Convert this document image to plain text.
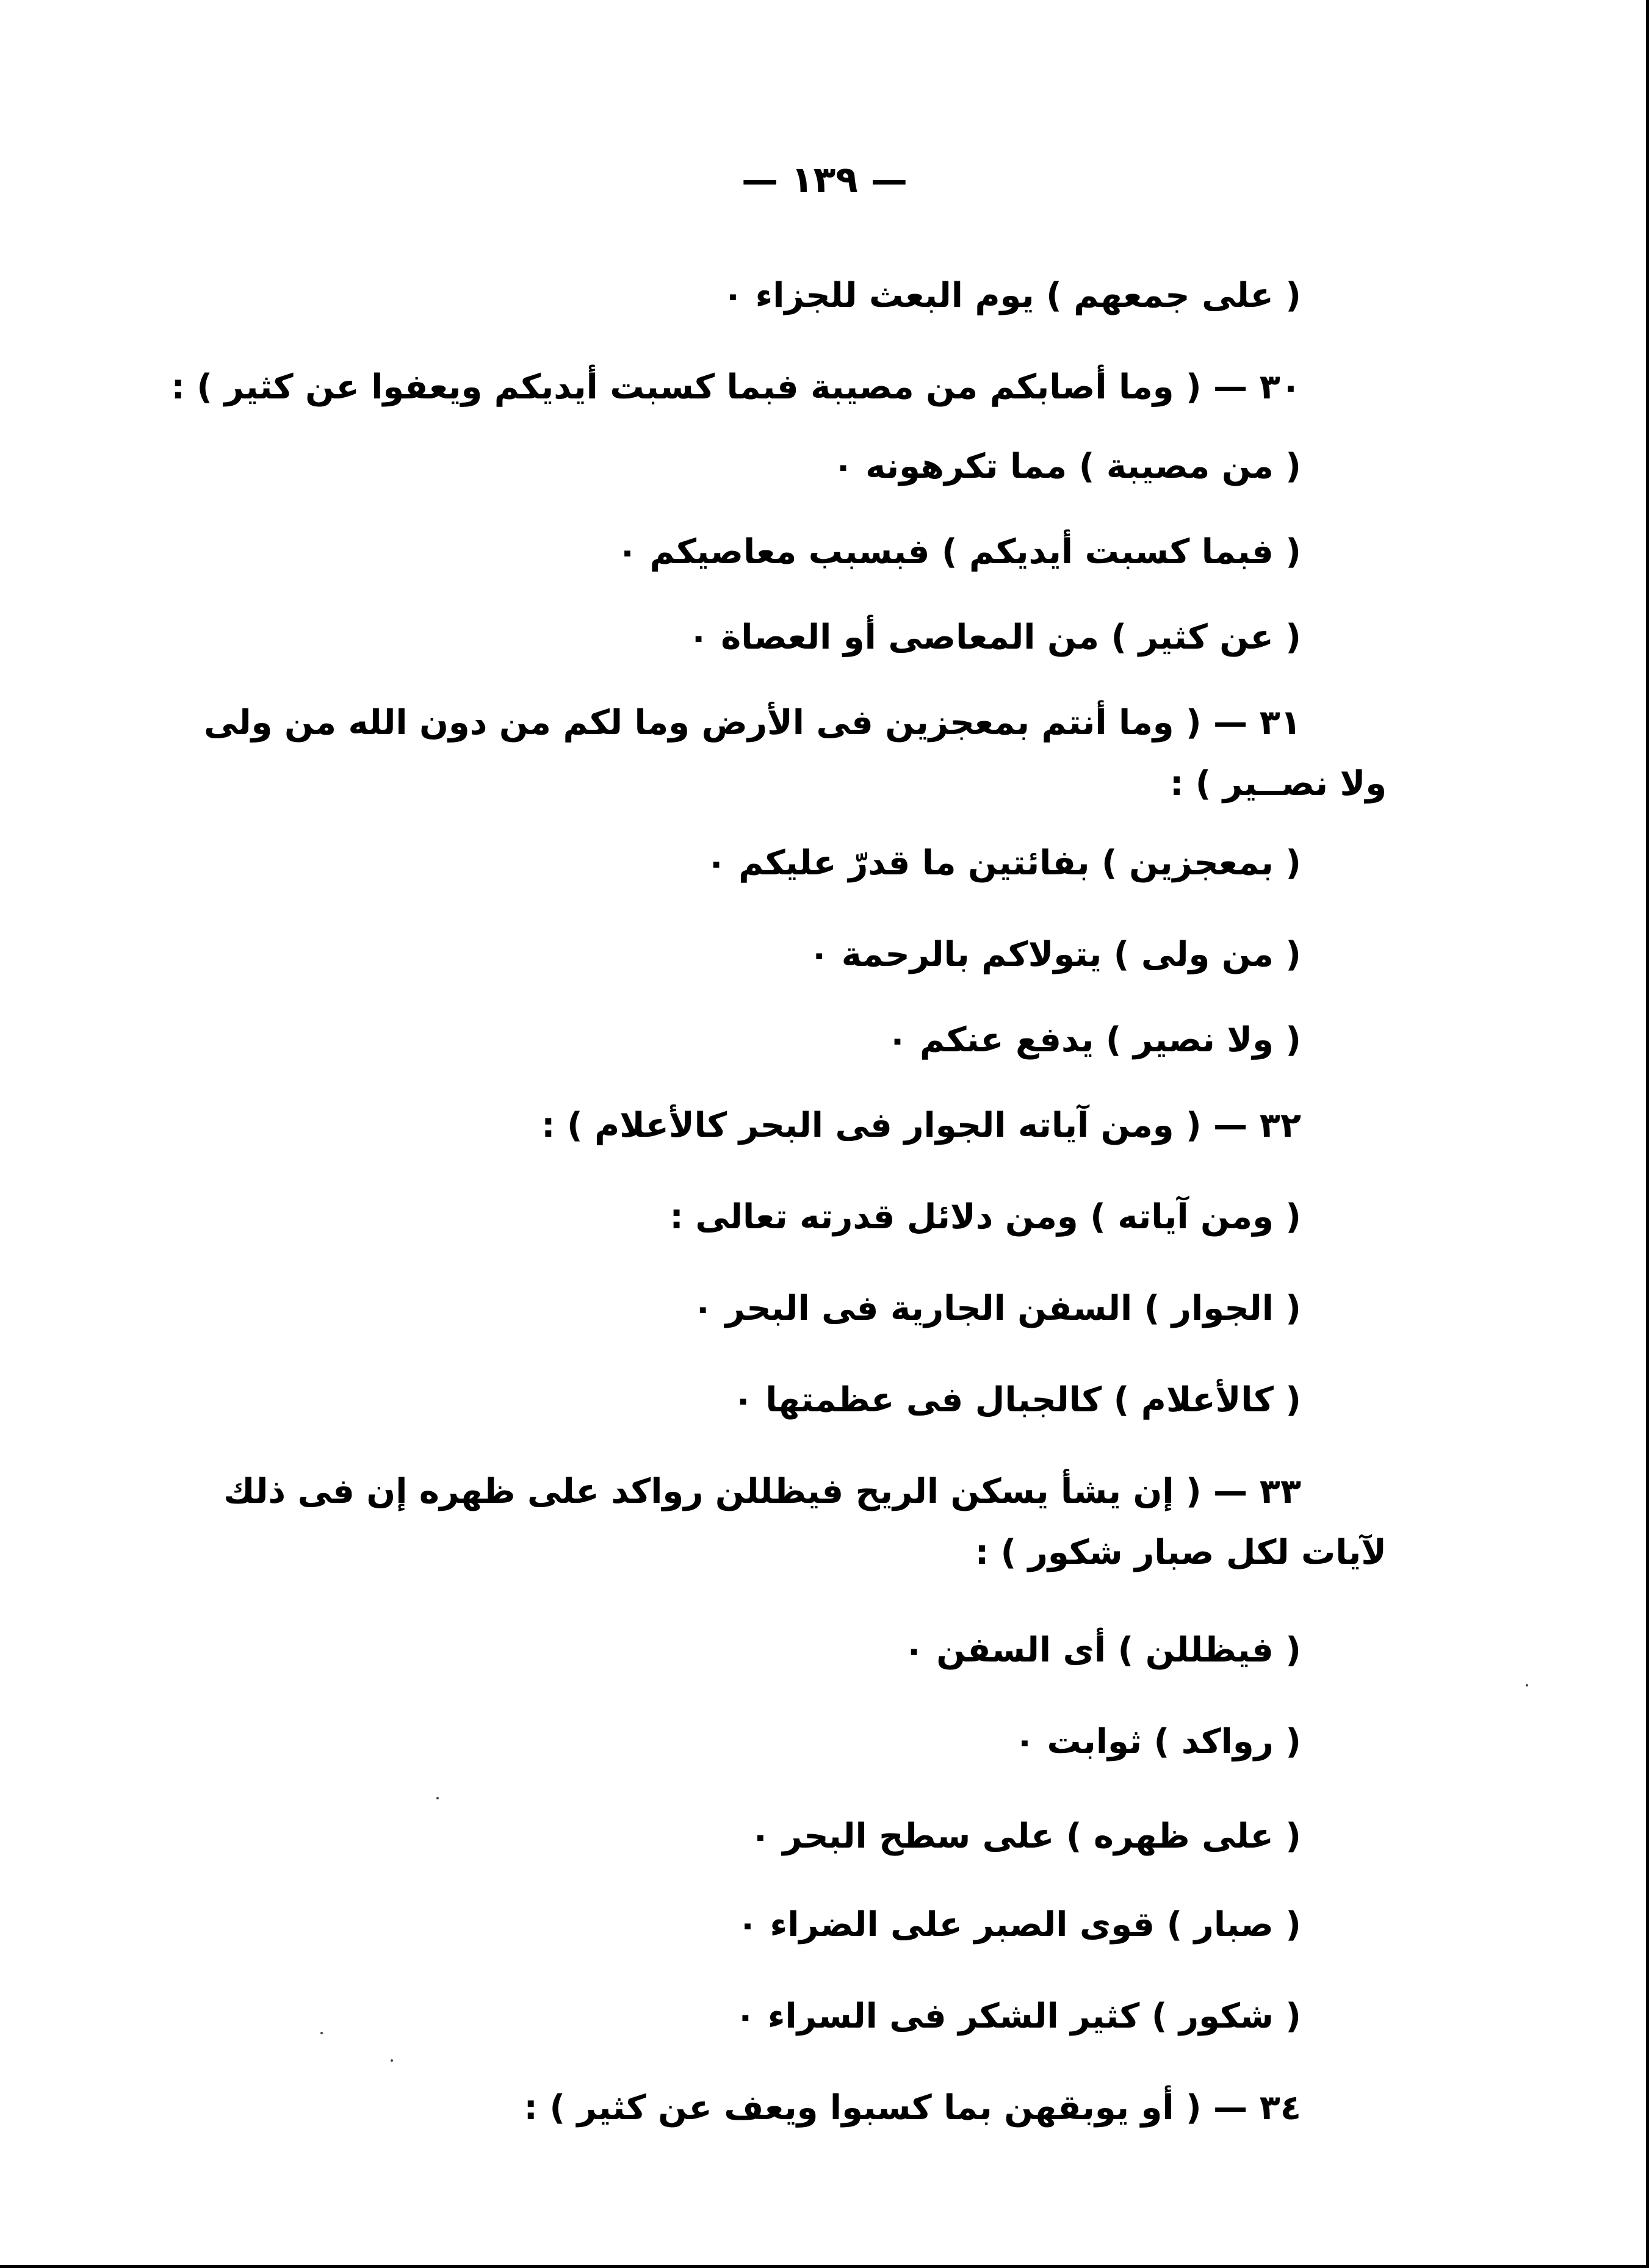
— ١٣٩ —
( على جمعهم ) يوم البعث للجزاء ٠
٣٠ — ( وما أصابكم من مصيبة فبما كسبت أيديكم ويعفوا عن كثير ) :
( من مصيبة ) مما تكرهونه ٠
( فبما كسبت أيديكم ) فبسبب معاصيكم ٠
( عن كثير ) من المعاصى أو العصاة ٠
٣١ — ( وما أنتم بمعجزين فى الأرض وما لكم من دون الله من ولى
ولا نصــير ) :
( بمعجزين ) بفائتين ما قدرّ عليكم ٠
( من ولى ) يتولاكم بالرحمة ٠
( ولا نصير ) يدفع عنكم ٠
٣٢ — ( ومن آياته الجوار فى البحر كالأعلام ) :
( ومن آياته ) ومن دلائل قدرته تعالى :
( الجوار ) السفن الجارية فى البحر ٠
( كالأعلام ) كالجبال فى عظمتها ٠
٣٣ — ( إن يشأ يسكن الريح فيظللن رواكد على ظهره إن فى ذلك
لآيات لكل صبار شكور ) :
( فيظللن ) أى السفن ٠
( رواكد ) ثوابت ٠
( على ظهره ) على سطح البحر ٠
( صبار ) قوى الصبر على الضراء ٠
( شكور ) كثير الشكر فى السراء ٠
٣٤ — ( أو يوبقهن بما كسبوا ويعف عن كثير ) :
